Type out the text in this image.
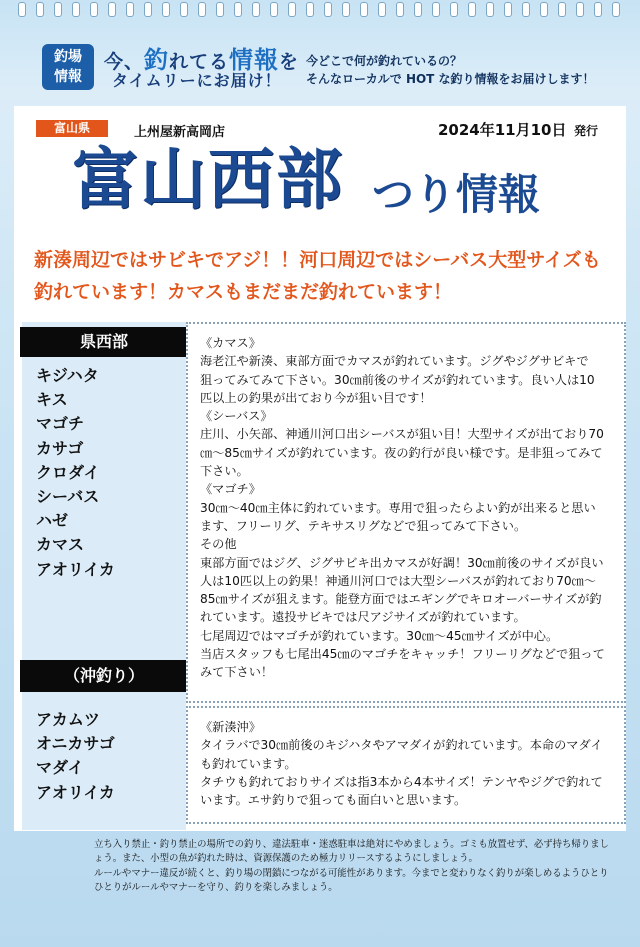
釣場
情報
今、釣れてる情報を
タイムリーにお届け！
今どこで何が釣れているの？
そんなローカルで HOT な釣り情報をお届けします！
富山県	上州屋新高岡店	2024年11月10日 発行
富山西部 つり情報
新湊周辺ではサビキでアジ！！河口周辺ではシーバス大型サイズも釣れています！カマスもまだまだ釣れています！
県西部
キジハタ
キス
マゴチ
カサゴ
クロダイ
シーバス
ハゼ
カマス
アオリイカ
（沖釣り）
アカムツ
オニカサゴ
マダイ
アオリイカ
《カマス》
海老江や新湊、東部方面でカマスが釣れています。ジグやジグサビキで
狙ってみてみて下さい。30㎝前後のサイズが釣れています。良い人は10
匹以上の釣果が出ており今が狙い目です！
《シーバス》
庄川、小矢部、神通川河口出シーバスが狙い目！大型サイズが出ており70
㎝～85㎝サイズが釣れています。夜の釣行が良い様です。是非狙ってみて
下さい。
《マゴチ》
30㎝～40㎝主体に釣れています。専用で狙ったらよい釣が出来ると思い
ます、フリーリグ、テキサスリグなどで狙ってみて下さい。
その他
東部方面ではジグ、ジグサビキ出カマスが好調！30㎝前後のサイズが良い
人は10匹以上の釣果！神通川河口では大型シーバスが釣れており70㎝～
85㎝サイズが狙えます。能登方面ではエギングでキロオーバーサイズが釣
れています。遠投サビキでは尺アジサイズが釣れています。
七尾周辺ではマゴチが釣れています。30㎝～45㎝サイズが中心。
当店スタッフも七尾出45㎝のマゴチをキャッチ！フリーリグなどで狙って
みて下さい！
《新湊沖》
タイラバで30㎝前後のキジハタやアマダイが釣れています。本命のマダイ
も釣れています。
タチウも釣れておりサイズは指3本から4本サイズ！テンヤやジグで釣れて
います。エサ釣りで狙っても面白いと思います。
立ち入り禁止・釣り禁止の場所での釣り、違法駐車・迷惑駐車は絶対にやめましょう。ゴミも放置せず、必ず持ち帰りましょう。また、小型の魚が釣れた時は、資源保護のため極力リリースするようにしましょう。
ルールやマナー違反が続くと、釣り場の閉鎖につながる可能性があります。今までと変わりなく釣りが楽しめるようひとりひとりがルールやマナーを守り、釣りを楽しみましょう。
